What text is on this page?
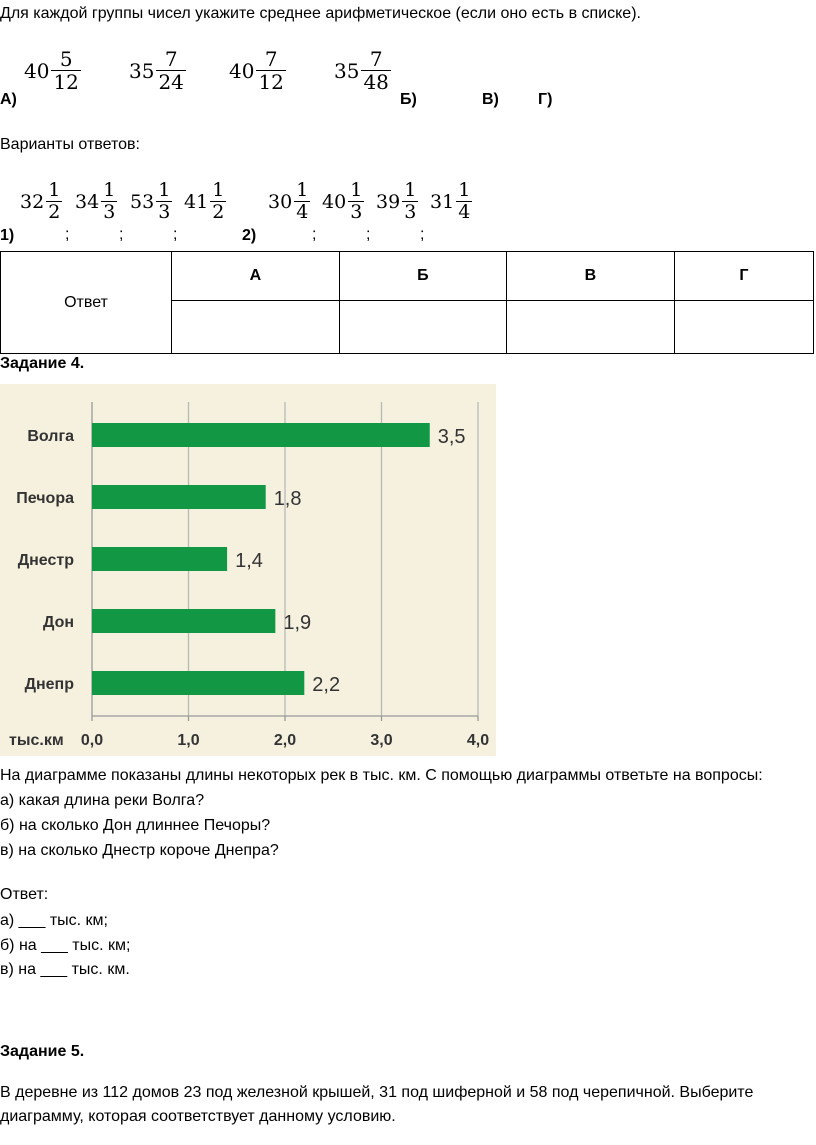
Для каждой группы чисел укажите среднее арифметическое (если оно есть в списке).
$40 \frac{5}{12} 35 \frac{7}{24} 40 \frac{7}{12} 35 \frac{7}{48}$
А)	Б)	В) Г)
Варианты ответов:
1)
$32 \frac{1}{2}$
;
$34 \frac{1}{3}$
;
$53 \frac{1}{3}$
;
$41 \frac{1}{2}$
2)
$30 \frac{1}{4}$
;
$40 \frac{1}{3}$
;
$39 \frac{1}{3}$
;
$31 \frac{1}{4}$
Ответ	А	Б	В	Г

Задание 4.
0,0	1,0	2,0	3,0	4,0
тыс.км
Волга	3,5
Печора	1,8
Днестр	1,4
Дон	1,9
Днепр	2,2
На диаграмме показаны длины некоторых рек в тыс. км. С помощью диаграммы ответьте на вопросы:
а) какая длина реки Волга?
б) на сколько Дон длиннее Печоры?
в) на сколько Днестр короче Днепра?
Ответ:
а) ___ тыс. км;
б) на ___ тыс. км;
в) на ___ тыс. км.
Задание 5.
В деревне из 112 домов 23 под железной крышей, 31 под шиферной и 58 под черепичной. Выберите
диаграмму, которая соответствует данному условию.
